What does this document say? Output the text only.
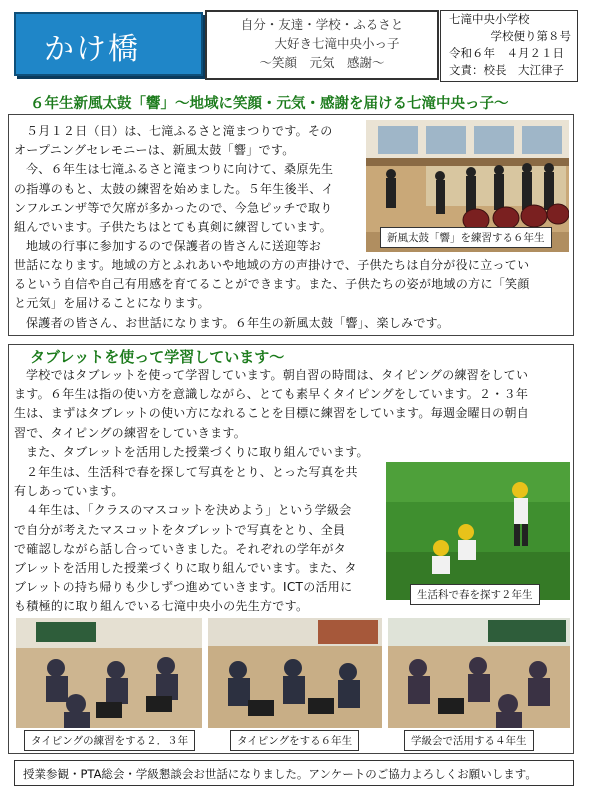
かけ橋
自分・友達・学校・ふるさと
大好き七滝中央小っ子
〜笑顔　元気　感謝〜
七滝中央小学校
学校便り第８号
令和６年　４月２１日
文責：校長　大江律子
６年生新風太鼓「響」〜地域に笑顔・元気・感謝を届ける七滝中央っ子〜
５月１２日（日）は、七滝ふるさと滝まつりです。その
オープニングセレモニーは、新風太鼓「響」です。
今、６年生は七滝ふるさと滝まつりに向けて、桑原先生
の指導のもと、太鼓の練習を始めました。５年生後半、イ
ンフルエンザ等で欠席が多かったので、今急ピッチで取り
組んでいます。子供たちはとても真剣に練習しています。
地域の行事に参加するので保護者の皆さんに送迎等お
世話になります。地域の方とふれあいや地域の方の声掛けで、子供たちは自分が役に立ってい
るという自信や自己有用感を育てることができます。また、子供たちの姿が地域の方に「笑顔
と元気」を届けることになります。
保護者の皆さん、お世話になります。６年生の新風太鼓「響」、楽しみです。
新風太鼓「響」を練習する６年生
タブレットを使って学習しています〜
学校ではタブレットを使って学習しています。朝自習の時間は、タイピングの練習をしてい
ます。６年生は指の使い方を意識しながら、とても素早くタイピングをしています。２・３年
生は、まずはタブレットの使い方になれることを目標に練習をしています。毎週金曜日の朝自
習で、タイピングの練習をしていきます。
また、タブレットを活用した授業づくりに取り組んでいます。
２年生は、生活科で春を探して写真をとり、とった写真を共
有しあっています。
４年生は、「クラスのマスコットを決めよう」という学級会
で自分が考えたマスコットをタブレットで写真をとり、全員
で確認しながら話し合っていきました。それぞれの学年がタ
ブレットを活用した授業づくりに取り組んでいます。また、タ
ブレットの持ち帰りも少しずつ進めていきます。ICTの活用に
も積極的に取り組んでいる七滝中央小の先生方です。
生活科で春を探す２年生
タイピングの練習をする２．３年	タイピングをする６年生	学級会で活用する４年生
授業参観・PTA総会・学級懇談会お世話になりました。アンケートのご協力よろしくお願いします。
